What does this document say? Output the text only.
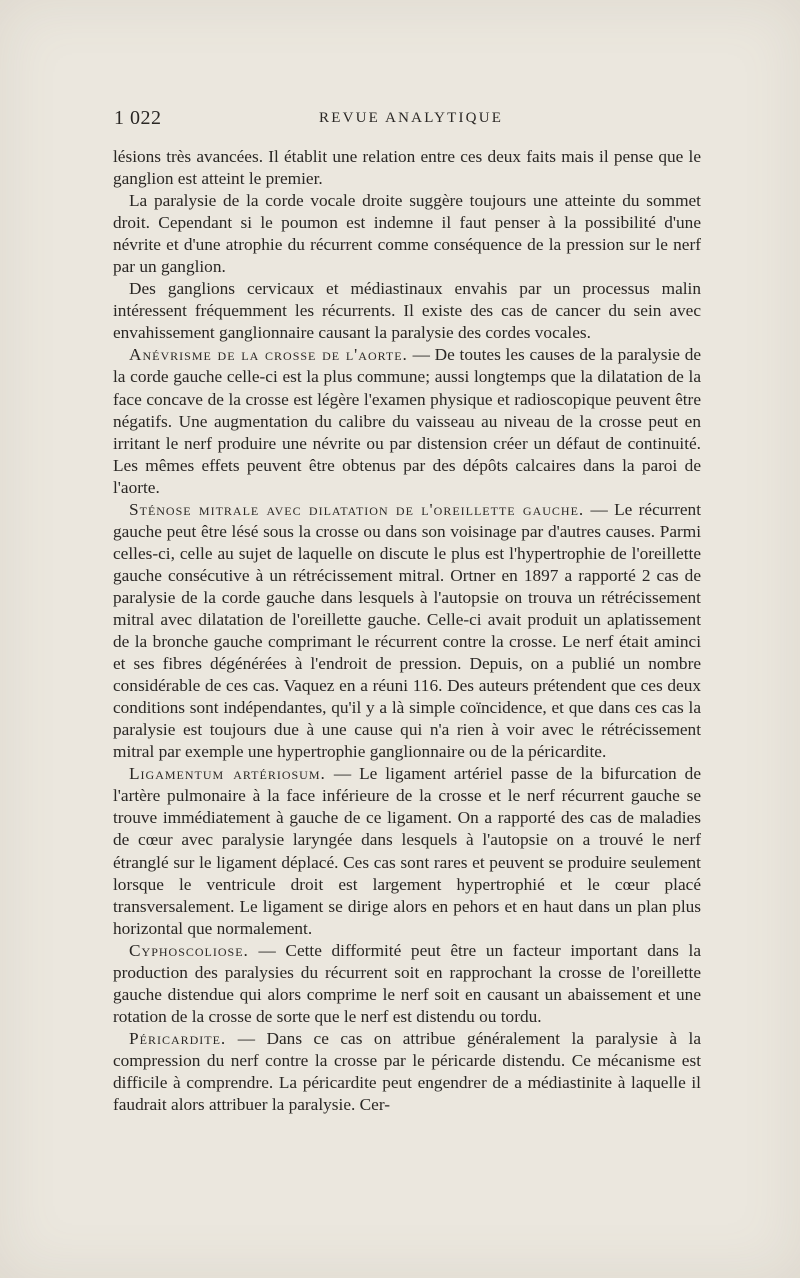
1 022	REVUE ANALYTIQUE

lésions très avancées. Il établit une relation entre ces deux faits mais il pense que le ganglion est atteint le premier.

La paralysie de la corde vocale droite suggère toujours une atteinte du sommet droit. Cependant si le poumon est indemne il faut penser à la possibilité d'une névrite et d'une atrophie du récurrent comme conséquence de la pression sur le nerf par un ganglion.

Des ganglions cervicaux et médiastinaux envahis par un processus malin intéressent fréquemment les récurrents. Il existe des cas de cancer du sein avec envahissement ganglionnaire causant la paralysie des cordes vocales.

Anévrisme de la crosse de l'aorte. — De toutes les causes de la paralysie de la corde gauche celle-ci est la plus commune; aussi longtemps que la dilatation de la face concave de la crosse est légère l'examen physique et radioscopique peuvent être négatifs. Une augmentation du calibre du vaisseau au niveau de la crosse peut en irritant le nerf produire une névrite ou par distension créer un défaut de continuité. Les mêmes effets peuvent être obtenus par des dépôts calcaires dans la paroi de l'aorte.

Sténose mitrale avec dilatation de l'oreillette gauche. — Le récurrent gauche peut être lésé sous la crosse ou dans son voisinage par d'autres causes. Parmi celles-ci, celle au sujet de laquelle on discute le plus est l'hypertrophie de l'oreillette gauche consécutive à un rétrécissement mitral. Ortner en 1897 a rapporté 2 cas de paralysie de la corde gauche dans lesquels à l'autopsie on trouva un rétrécissement mitral avec dilatation de l'oreillette gauche. Celle-ci avait produit un aplatissement de la bronche gauche comprimant le récurrent contre la crosse. Le nerf était aminci et ses fibres dégénérées à l'endroit de pression. Depuis, on a publié un nombre considérable de ces cas. Vaquez en a réuni 116. Des auteurs prétendent que ces deux conditions sont indépendantes, qu'il y a là simple coïncidence, et que dans ces cas la paralysie est toujours due à une cause qui n'a rien à voir avec le rétrécissement mitral par exemple une hypertrophie ganglionnaire ou de la péricardite.

Ligamentum artériosum. — Le ligament artériel passe de la bifurcation de l'artère pulmonaire à la face inférieure de la crosse et le nerf récurrent gauche se trouve immédiatement à gauche de ce ligament. On a rapporté des cas de maladies de cœur avec paralysie laryngée dans lesquels à l'autopsie on a trouvé le nerf étranglé sur le ligament déplacé. Ces cas sont rares et peuvent se produire seulement lorsque le ventricule droit est largement hypertrophié et le cœur placé transversalement. Le ligament se dirige alors en pehors et en haut dans un plan plus horizontal que normalement.

Cyphoscoliose. — Cette difformité peut être un facteur important dans la production des paralysies du récurrent soit en rapprochant la crosse de l'oreillette gauche distendue qui alors comprime le nerf soit en causant un abaissement et une rotation de la crosse de sorte que le nerf est distendu ou tordu.

Péricardite. — Dans ce cas on attribue généralement la paralysie à la compression du nerf contre la crosse par le péricarde distendu. Ce mécanisme est difficile à comprendre. La péricardite peut engendrer de a médiastinite à laquelle il faudrait alors attribuer la paralysie. Cer-
